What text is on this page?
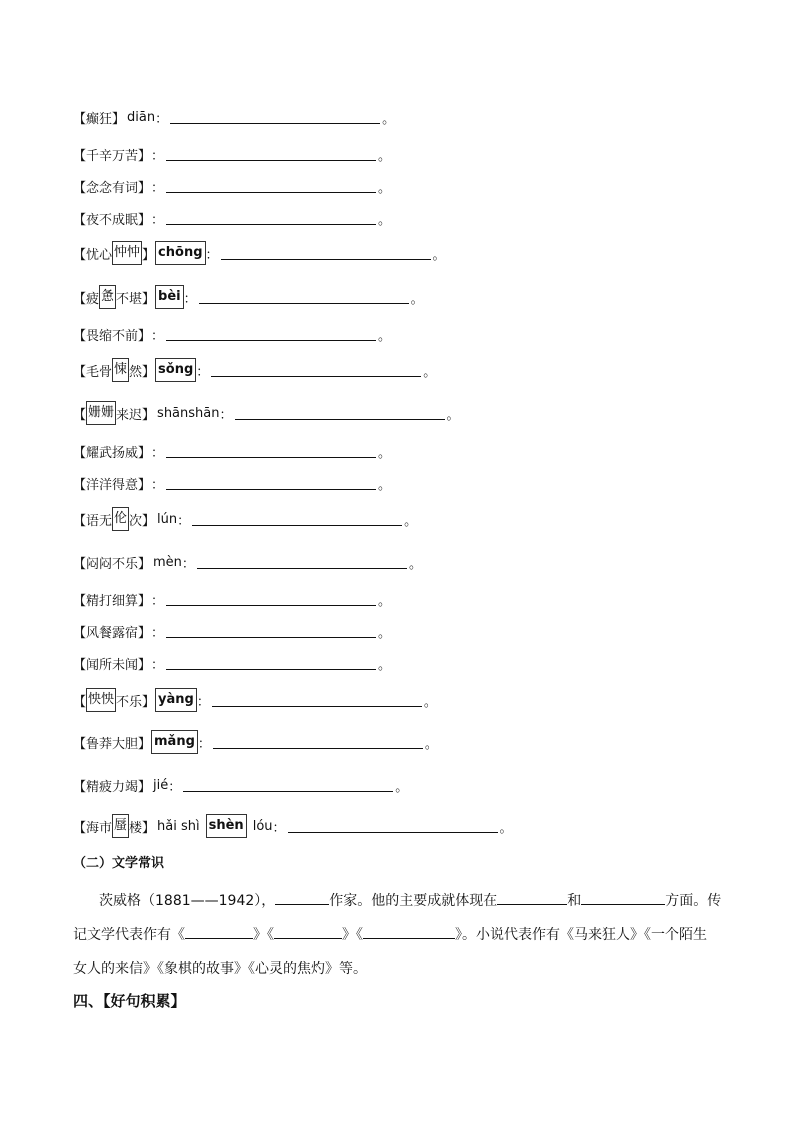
【癫狂】 diān ：	。
【千辛万苦】 ：	。
【念念有词】 ：	。
【夜不成眠】 ：	。
【忧心 忡忡 】 chōng ：	。
【疲 惫 不堪】 bèi ：	。
【畏缩不前】 ：	。
【毛骨 悚 然】 sǒng ：	。
【 姗姗 来迟】 shānshān ：	。
【耀武扬威】 ：	。
【洋洋得意】 ：	。
【语无 伦 次】 lún ：	。
【闷闷不乐】 mèn ：	。
【精打细算】 ：	。
【风餐露宿】 ：	。
【闻所未闻】 ：	。
【 怏怏 不乐】 yàng ：	。
【鲁莽大胆】 mǎng ：	。
【精疲力竭】 jié ：	。
【海市 蜃 楼】 hǎi shì shèn lóu ：	。
（二）文学常识
茨威格（1881——1942），	作家。他的主要成就体现在	和	方面。传
记文学代表作有《	》《	》《	》。小说代表作有《马来狂人》《一个陌生
女人的来信》《象棋的故事》《心灵的焦灼》等。
四、【好句积累】
